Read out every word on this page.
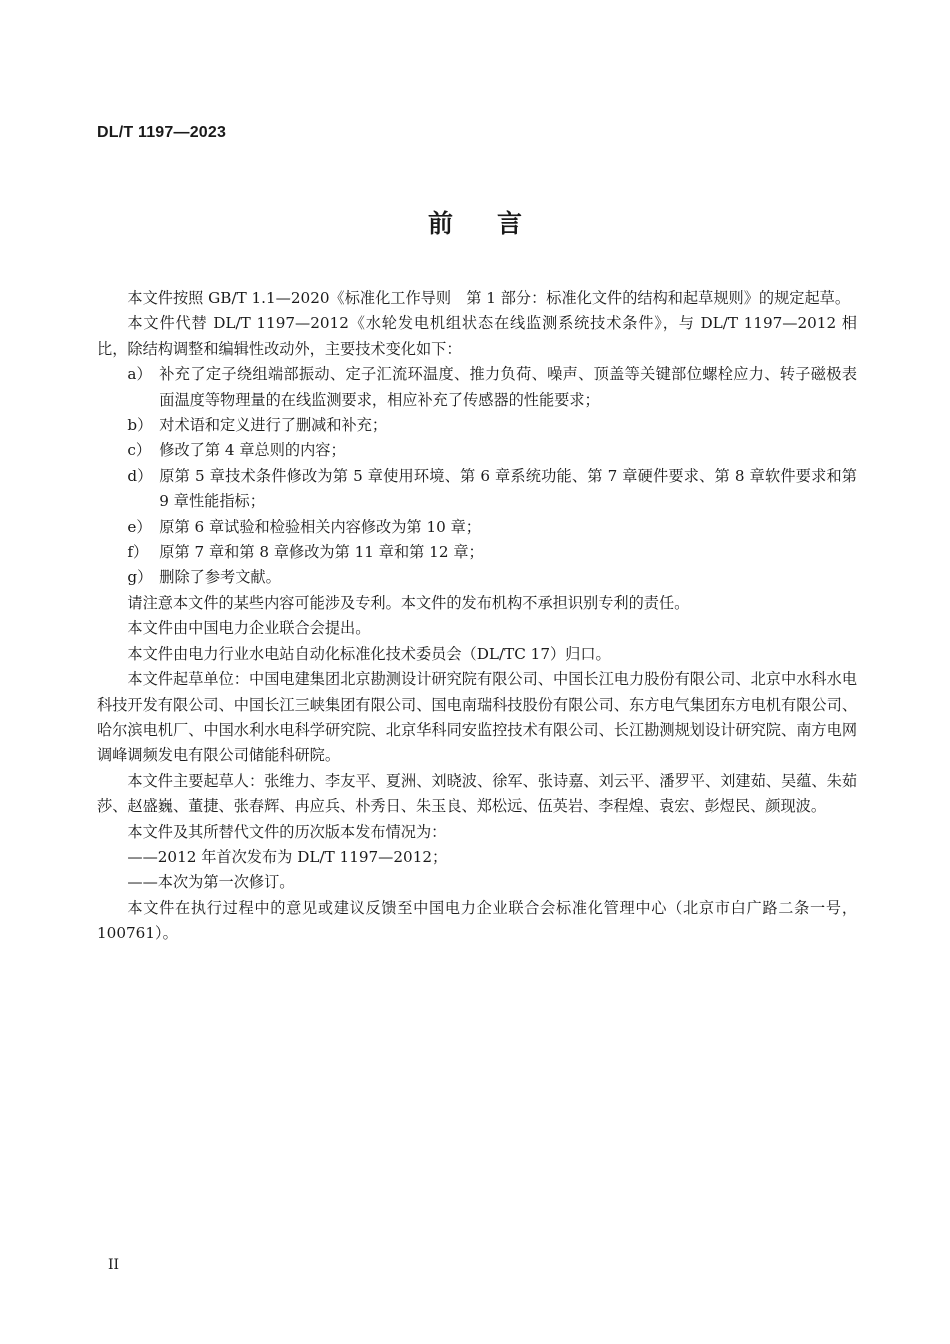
DL/T 1197—2023
前言

本文件按照 GB/T 1.1—2020《标准化工作导则　第 1 部分：标准化文件的结构和起草规则》的规定起草。

本文件代替 DL/T 1197—2012《水轮发电机组状态在线监测系统技术条件》，与 DL/T 1197—2012 相比，除结构调整和编辑性改动外，主要技术变化如下：

a） 补充了定子绕组端部振动、定子汇流环温度、推力负荷、噪声、顶盖等关键部位螺栓应力、转子磁极表面温度等物理量的在线监测要求，相应补充了传感器的性能要求；
b） 对术语和定义进行了删减和补充；
c） 修改了第 4 章总则的内容；
d） 原第 5 章技术条件修改为第 5 章使用环境、第 6 章系统功能、第 7 章硬件要求、第 8 章软件要求和第 9 章性能指标；
e） 原第 6 章试验和检验相关内容修改为第 10 章；
f） 原第 7 章和第 8 章修改为第 11 章和第 12 章；
g） 删除了参考文献。

请注意本文件的某些内容可能涉及专利。本文件的发布机构不承担识别专利的责任。

本文件由中国电力企业联合会提出。

本文件由电力行业水电站自动化标准化技术委员会（DL/TC 17）归口。

本文件起草单位：中国电建集团北京勘测设计研究院有限公司、中国长江电力股份有限公司、北京中水科水电科技开发有限公司、中国长江三峡集团有限公司、国电南瑞科技股份有限公司、东方电气集团东方电机有限公司、哈尔滨电机厂、中国水利水电科学研究院、北京华科同安监控技术有限公司、长江勘测规划设计研究院、南方电网调峰调频发电有限公司储能科研院。

本文件主要起草人：张维力、李友平、夏洲、刘晓波、徐军、张诗嘉、刘云平、潘罗平、刘建茹、吴蕴、朱茹莎、赵盛巍、董捷、张春辉、冉应兵、朴秀日、朱玉良、郑松远、伍英岩、李程煌、袁宏、彭煜民、颜现波。

本文件及其所替代文件的历次版本发布情况为：

——2012 年首次发布为 DL/T 1197—2012；

——本次为第一次修订。

本文件在执行过程中的意见或建议反馈至中国电力企业联合会标准化管理中心（北京市白广路二条一号，100761）。

II
